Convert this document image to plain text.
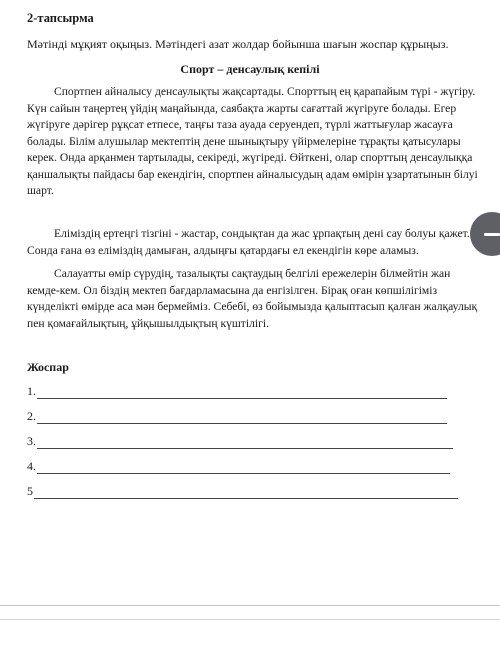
2-тапсырма
Мәтінді мұқият оқыңыз. Мәтіндегі азат жолдар бойынша шағын жоспар құрыңыз.
Спорт – денсаулық кепілі
Спортпен айналысу денсаулықты жақсартады. Спорттың ең қарапайым түрі - жүгіру.
Күн сайын таңертең үйдің маңайында, саябақта жарты сағаттай жүгіруге болады. Егер
жүгіруге дәрігер рұқсат етпесе, таңғы таза ауада серуендеп, түрлі жаттығулар жасауға
болады. Білім алушылар мектептің дене шынықтыру үйірмелеріне тұрақты қатысулары
керек. Онда арқанмен тартылады, секіреді, жүгіреді. Өйткені, олар спорттың денсаулыққа
қаншалықты пайдасы бар екендігін, спортпен айналысудың адам өмірін ұзартатынын білуі
шарт.
Еліміздің ертеңгі тізгіні - жастар, сондықтан да жас ұрпақтың дені сау болуы қажет.
Сонда ғана өз еліміздің дамыған, алдыңғы қатардағы ел екендігін көре аламыз.
Салауатты өмір сүрудің, тазалықты сақтаудың белгілі ережелерін білмейтін жан
кемде-кем. Ол біздің мектеп бағдарламасына да енгізілген. Бірақ оған көпшілігіміз
күнделікті өмірде аса мән бермейміз. Себебі, өз бойымызда қалыптасып қалған жалқаулық
пен қомағайлықтың, ұйқышылдықтың күштілігі.
Жоспар
1.
2.
3.
4.
5
